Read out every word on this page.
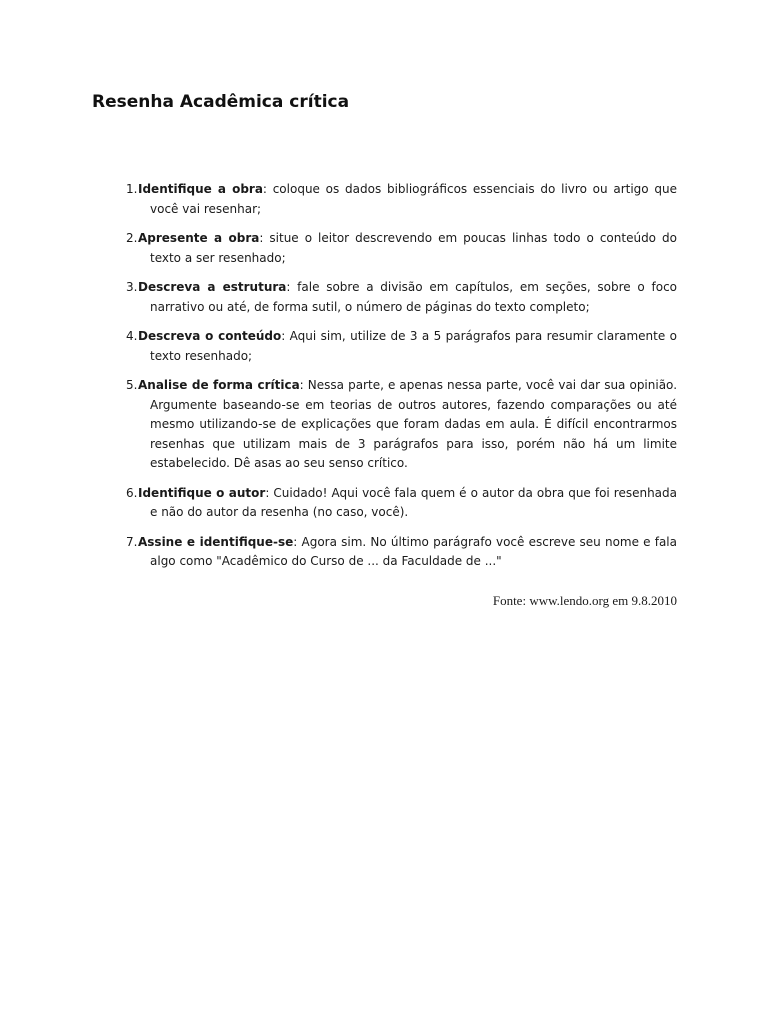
Resenha Acadêmica crítica
1. Identifique a obra: coloque os dados bibliográficos essenciais do livro ou artigo que você vai resenhar;
2. Apresente a obra: situe o leitor descrevendo em poucas linhas todo o conteúdo do texto a ser resenhado;
3. Descreva a estrutura: fale sobre a divisão em capítulos, em seções, sobre o foco narrativo ou até, de forma sutil, o número de páginas do texto completo;
4. Descreva o conteúdo: Aqui sim, utilize de 3 a 5 parágrafos para resumir claramente o texto resenhado;
5. Analise de forma crítica: Nessa parte, e apenas nessa parte, você vai dar sua opinião. Argumente baseando-se em teorias de outros autores, fazendo comparações ou até mesmo utilizando-se de explicações que foram dadas em aula. É difícil encontrarmos resenhas que utilizam mais de 3 parágrafos para isso, porém não há um limite estabelecido. Dê asas ao seu senso crítico.
6. Identifique o autor: Cuidado! Aqui você fala quem é o autor da obra que foi resenhada e não do autor da resenha (no caso, você).
7. Assine e identifique-se: Agora sim. No último parágrafo você escreve seu nome e fala algo como "Acadêmico do Curso de ... da Faculdade de ..."

Fonte: www.lendo.org em 9.8.2010
